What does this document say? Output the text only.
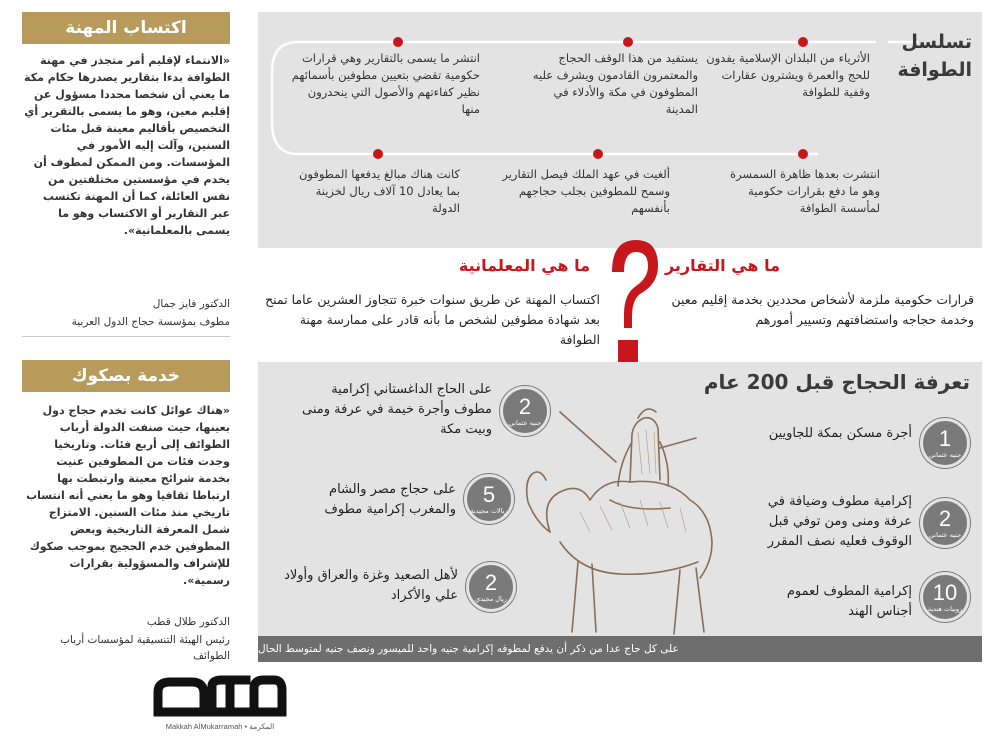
اكتساب المهنة
«الانتماء لإقليم أمر متجذر في مهنة الطوافة بدءا بتقارير يصدرها حكام مكة ما يعني أن شخصا محددا مسؤول عن إقليم معين، وهو ما يسمى بالتقرير أي التخصيص بأقاليم معينة قبل مئات السنين، وآلت إليه الأمور في المؤسسات. ومن الممكن لمطوف أن يخدم في مؤسستين مختلفتين من نفس العائلة، كما أن المهنة تكتسب عبر التقارير أو الاكتساب وهو ما يسمى بالمعلمانية».
الدكتور فايز جمال
مطوف بمؤسسة حجاج الدول العربية
خدمة بصكوك
«هناك عوائل كانت تخدم حجاج دول بعينها، حيث صنفت الدولة أرباب الطوائف إلى أربع فئات. وتاريخيا وجدت فئات من المطوفين عنيت بخدمة شرائح معينة وارتبطت بها ارتباطا ثقافيا وهو ما يعني أنه انتساب تاريخي منذ مئات السنين. الامتزاج شمل المعرفة التاريخية وبعض المطوفين خدم الحجيج بموجب صكوك للإشراف والمسؤولية بقرارات رسمية».
الدكتور طلال قطب
رئيس الهيئة التنسيقية لمؤسسات أرباب الطوائف
Makkah AlMukarramah • المكرمة
تسلسل الطوافة
الأثرياء من البلدان الإسلامية يفدون للحج والعمرة ويشترون عقارات وقفية للطوافة
يستفيد من هذا الوقف الحجاج والمعتمرون القادمون ويشرف عليه المطوفون في مكة والأدلاء في المدينة
انتشر ما يسمى بالتقارير وهي قرارات حكومية تقضي بتعيين مطوفين بأسمائهم نظير كفاءتهم والأصول التي ينحدرون منها
انتشرت بعدها ظاهرة السمسرة وهو ما دفع بقرارات حكومية لمأسسة الطوافة
ألغيت في عهد الملك فيصل التقارير وسمح للمطوفين بجلب حجاجهم بأنفسهم
كانت هناك مبالغ يدفعها المطوفون بما يعادل 10 آلاف ريال لخزينة الدولة
ما هي التقارير
قرارات حكومية ملزمة لأشخاص محددين بخدمة إقليم معين وخدمة حجاجه واستضافتهم وتسيير أمورهم
ما هي المعلمانية
اكتساب المهنة عن طريق سنوات خبرة تتجاوز العشرين عاما تمنح بعد شهادة مطوفين لشخص ما بأنه قادر على ممارسة مهنة الطوافة
تعرفة الحجاج قبل 200 عام
1
جنيه عثماني
أجرة مسكن بمكة للجاويين
2
جنيه عثماني
إكرامية مطوف وضيافة في عرفة ومنى ومن توفي قبل الوقوف فعليه نصف المقرر
10
روبيات هندية
إكرامية المطوف لعموم أجناس الهند
2
جنيه عثماني
على الحاج الداغستاني إكرامية مطوف وأجرة خيمة في عرفة ومنى وبيت مكة
5
ريالات مجيدية
على حجاج مصر والشام والمغرب إكرامية مطوف
2
ريال مجيدي
لأهل الصعيد وغزة والعراق وأولاد علي والأكراد
على كل حاج عدا من ذكر أن يدفع لمطوفه إكرامية جنيه واحد للميسور ونصف جنيه لمتوسط الحال
